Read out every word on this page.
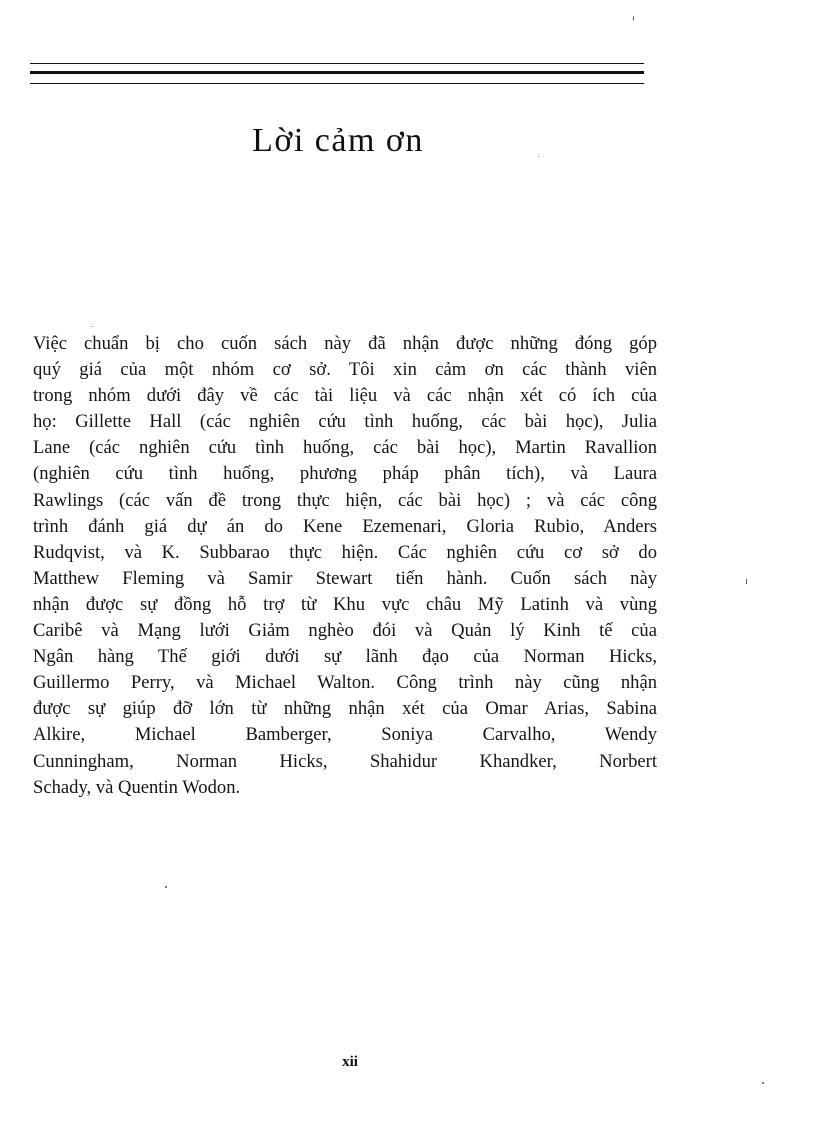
Lời cảm ơn

Việc chuẩn bị cho cuốn sách này đã nhận được những đóng góp
quý giá của một nhóm cơ sở. Tôi xin cảm ơn các thành viên
trong nhóm dưới đây về các tài liệu và các nhận xét có ích của
họ: Gillette Hall (các nghiên cứu tình huống, các bài học), Julia
Lane (các nghiên cứu tình huống, các bài học), Martin Ravallion
(nghiên cứu tình huống, phương pháp phân tích), và Laura
Rawlings (các vấn đề trong thực hiện, các bài học) ; và các công
trình đánh giá dự án do Kene Ezemenari, Gloria Rubio, Anders
Rudqvist, và K. Subbarao thực hiện. Các nghiên cứu cơ sở do
Matthew Fleming và Samir Stewart tiến hành. Cuốn sách này
nhận được sự đồng hỗ trợ từ Khu vực châu Mỹ Latinh và vùng
Caribê và Mạng lưới Giảm nghèo đói và Quản lý Kinh tế của
Ngân hàng Thế giới dưới sự lãnh đạo của Norman Hicks,
Guillermo Perry, và Michael Walton. Công trình này cũng nhận
được sự giúp đỡ lớn từ những nhận xét của Omar Arias, Sabina
Alkire, Michael Bamberger, Soniya Carvalho, Wendy
Cunningham, Norman Hicks, Shahidur Khandker, Norbert
Schady, và Quentin Wodon.

xii
